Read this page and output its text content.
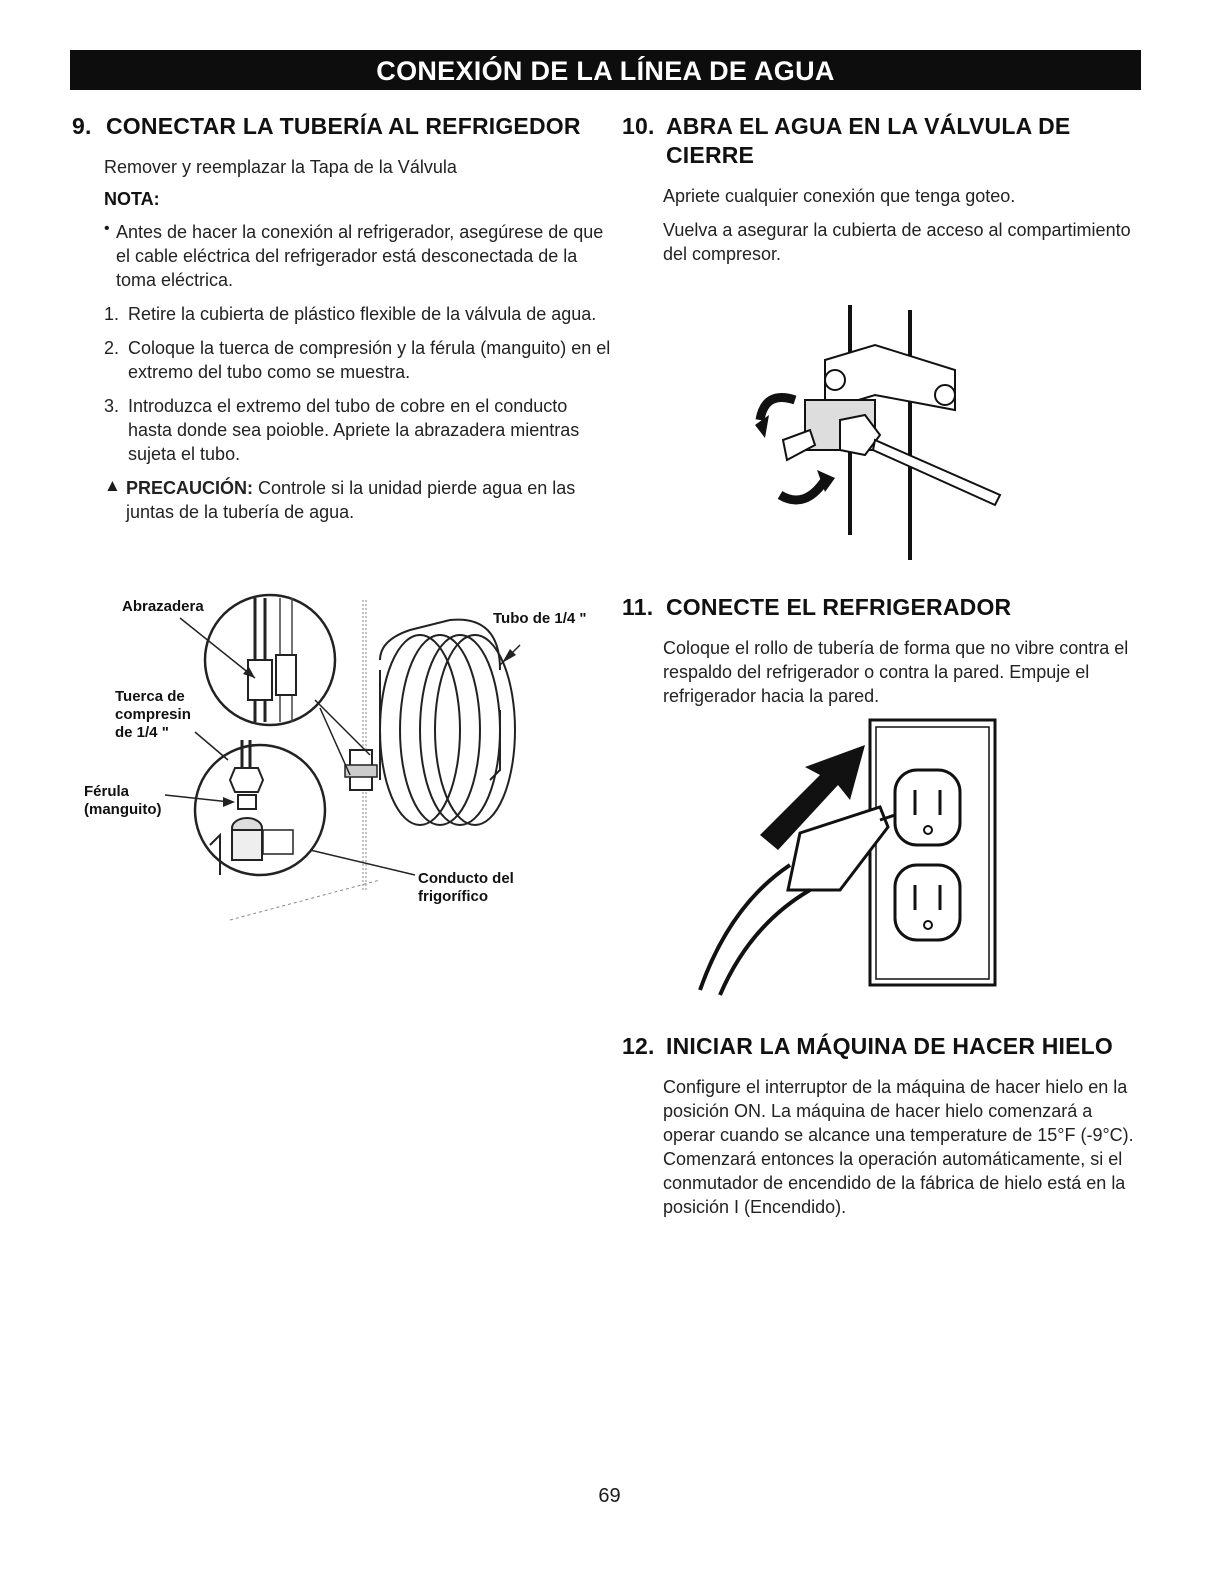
CONEXIÓN DE LA LÍNEA DE AGUA
9. CONECTAR LA TUBERÍA AL REFRIGEDOR

Remover y reemplazar la Tapa de la Válvula

NOTA:
• Antes de hacer la conexión al refrigerador, asegúrese de que el cable eléctrica del refrigerador está desconectada de la toma eléctrica.

1. Retire la cubierta de plástico flexible de la válvula de agua.

2. Coloque la tuerca de compresión y la férula (manguito) en el extremo del tubo como se muestra.

3. Introduzca el extremo del tubo de cobre en el conducto hasta donde sea poioble. Apriete la abrazadera mientras sujeta el tubo.

▲ PRECAUCIÓN: Controle si la unidad pierde agua en las juntas de la tubería de agua.

Abrazadera
Tubo de 1/4 "
Tuerca de
compresin
de 1/4 "
Férula
(manguito)
Conducto del
frigorífico
10. ABRA EL AGUA EN LA VÁLVULA DE
CIERRE

Apriete cualquier conexión que tenga goteo.

Vuelva a asegurar la cubierta de acceso al compartimiento del compresor.

11. CONECTE EL REFRIGERADOR

Coloque el rollo de tubería de forma que no vibre contra el respaldo del refrigerador o contra la pared. Empuje el refrigerador hacia la pared.

12. INICIAR LA MÁQUINA DE HACER HIELO

Configure el interruptor de la máquina de hacer hielo en la posición ON. La máquina de hacer hielo comenzará a operar cuando se alcance una temperature de 15°F (-9°C). Comenzará entonces la operación automáticamente, si el conmutador de encendido de la fábrica de hielo está en la posición I (Encendido).

69
